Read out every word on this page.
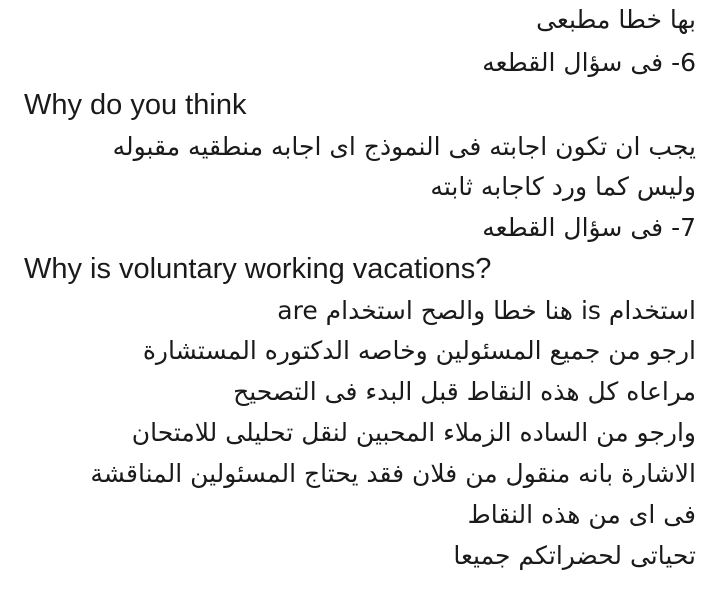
بها خطا مطبعى
6- فى سؤال القطعه
Why do you think
يجب ان تكون اجابته فى النموذج اى اجابه منطقيه مقبوله
وليس كما ورد كاجابه ثابته
7- فى سؤال القطعه
Why is voluntary working vacations?
استخدام is هنا خطا والصح استخدام are
ارجو من جميع المسئولين وخاصه الدكتوره المستشارة
مراعاه كل هذه النقاط قبل البدء فى التصحيح
وارجو من الساده الزملاء المحبين لنقل تحليلى للامتحان
الاشارة بانه منقول من فلان فقد يحتاج المسئولين المناقشة
فى اى من هذه النقاط
تحياتى لحضراتكم جميعا
